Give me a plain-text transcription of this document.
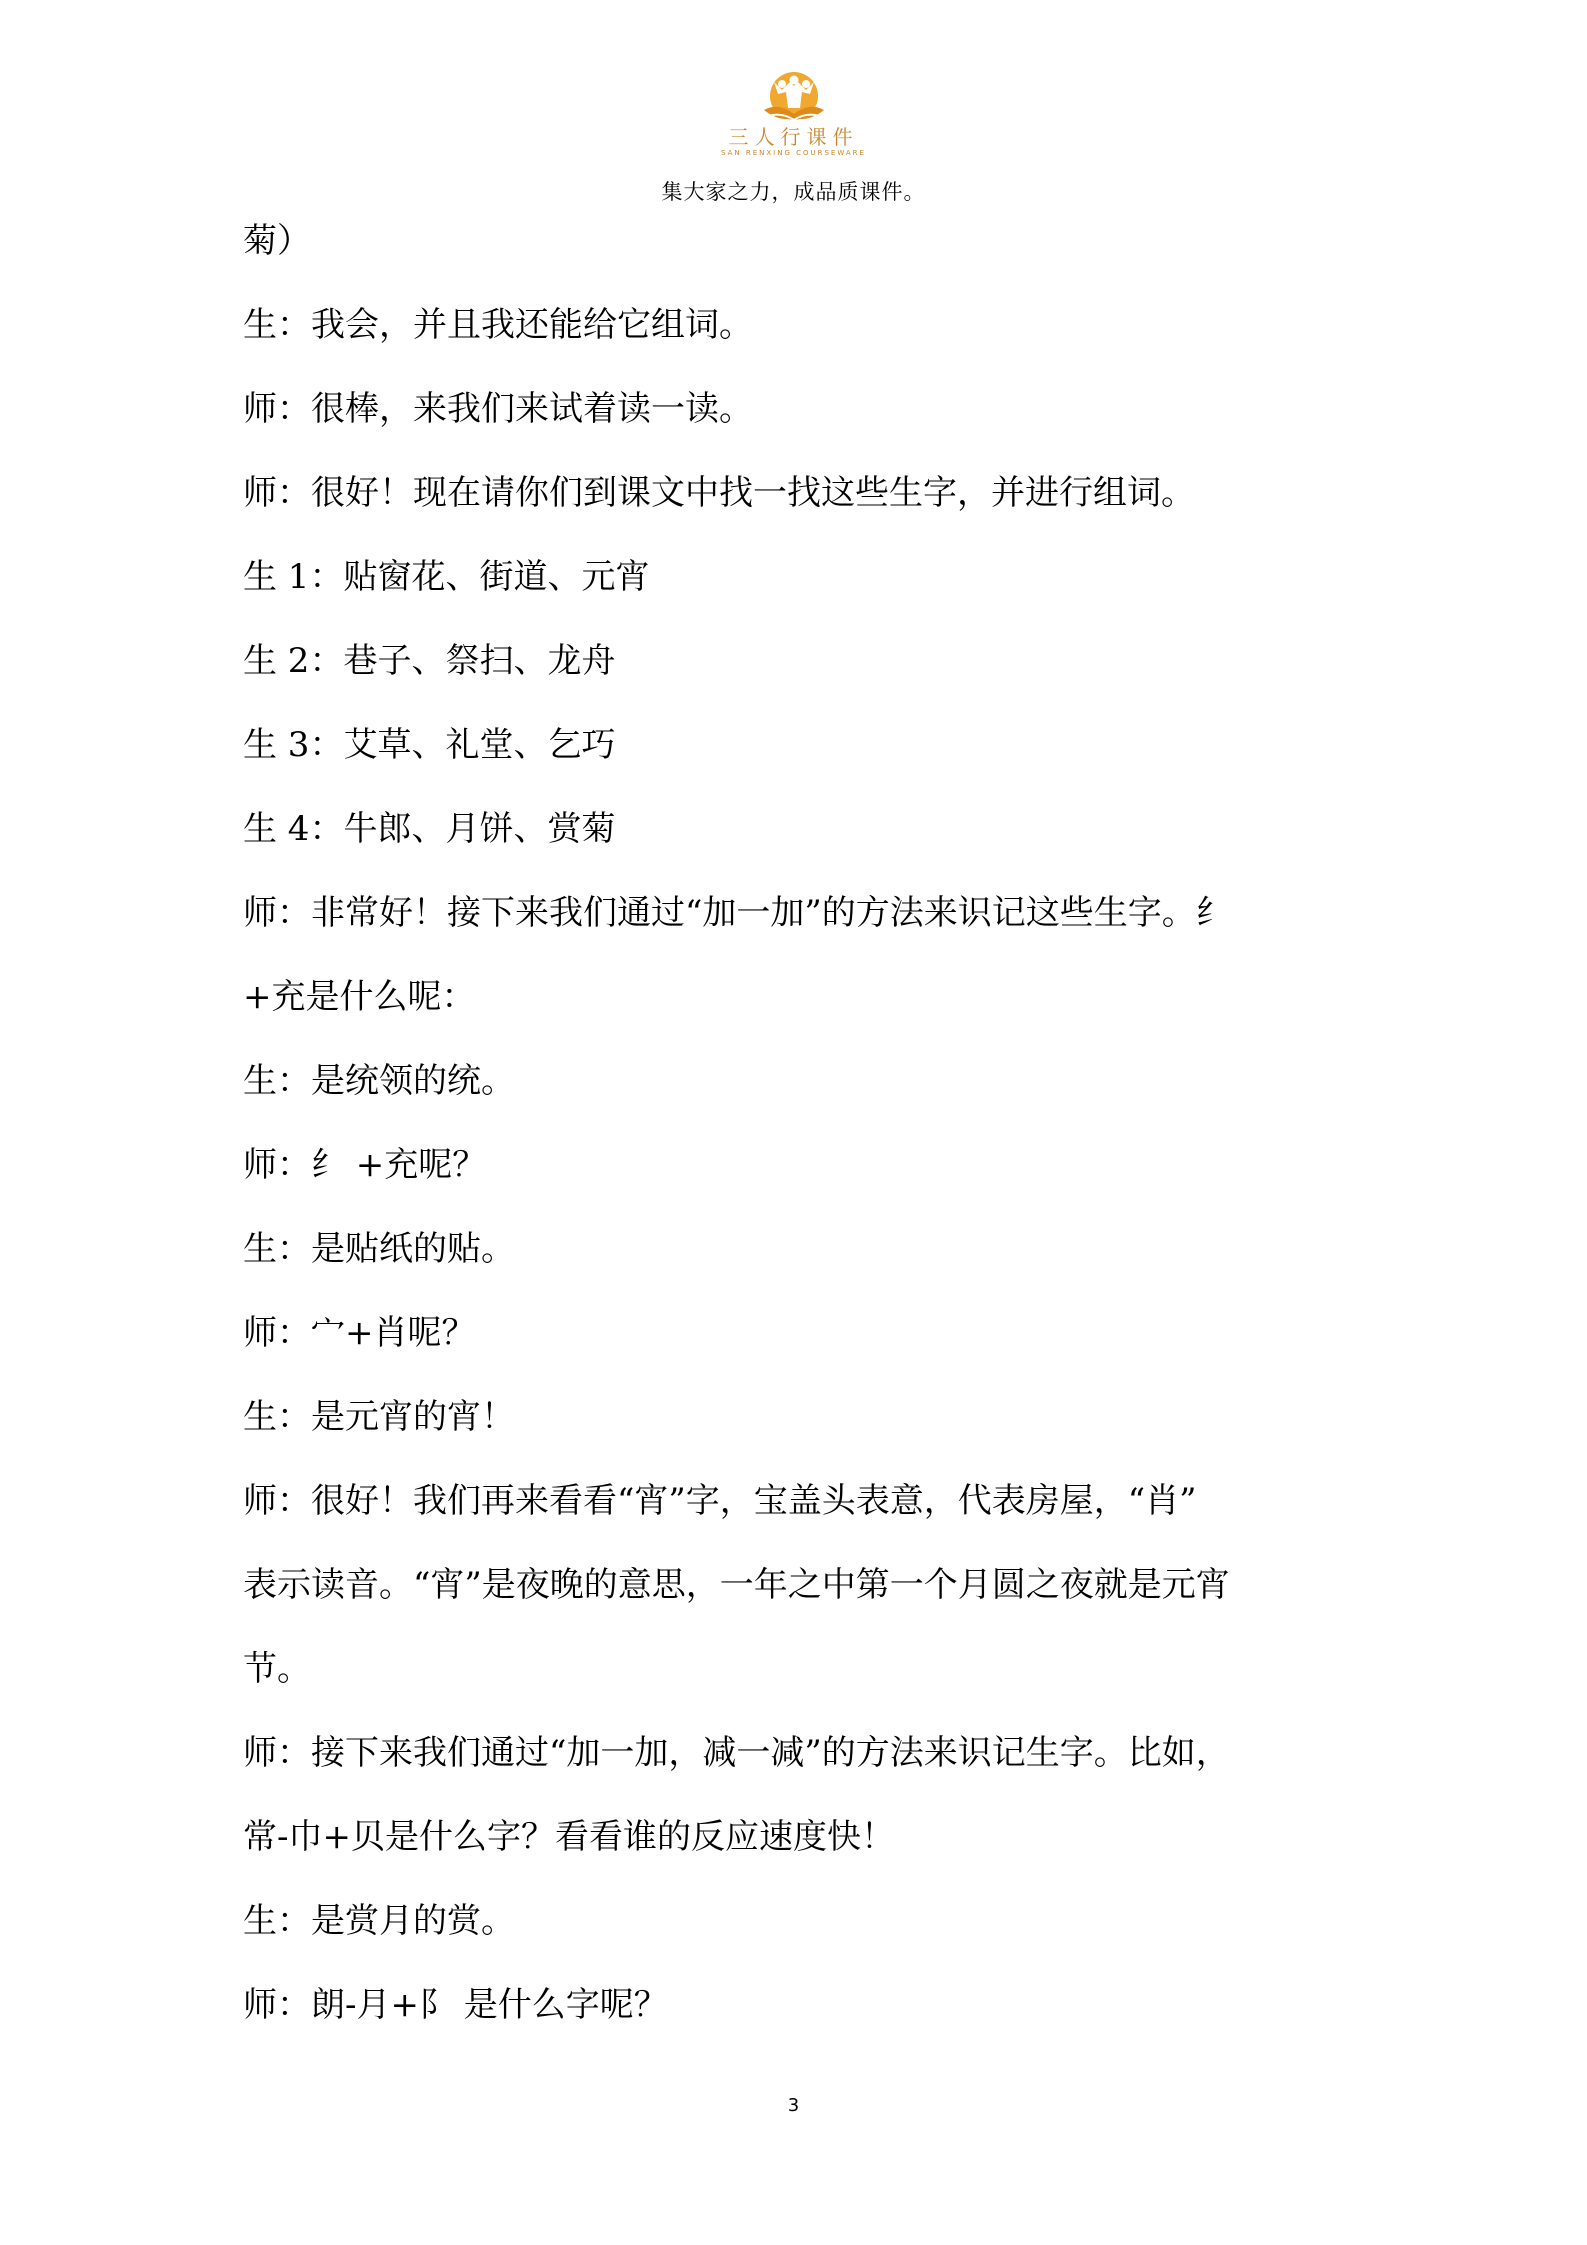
三人行课件
SAN RENXING COURSEWARE
集大家之力，成品质课件。

菊）

生：我会，并且我还能给它组词。

师：很棒，来我们来试着读一读。

师：很好！现在请你们到课文中找一找这些生字，并进行组词。

生 1：贴窗花、街道、元宵

生 2：巷子、祭扫、龙舟

生 3：艾草、礼堂、乞巧

生 4：牛郎、月饼、赏菊

师：非常好！接下来我们通过“加一加”的方法来识记这些生字。纟

+充是什么呢：

生：是统领的统。

师：纟 +充呢？

生：是贴纸的贴。

师：宀+肖呢？

生：是元宵的宵！

师：很好！我们再来看看“宵”字，宝盖头表意，代表房屋，“肖”

表示读音。“宵”是夜晚的意思，一年之中第一个月圆之夜就是元宵

节。

师：接下来我们通过“加一加，减一减”的方法来识记生字。比如，

常-巾+贝是什么字？看看谁的反应速度快！

生：是赏月的赏。

师：朗-月+阝 是什么字呢？

3
